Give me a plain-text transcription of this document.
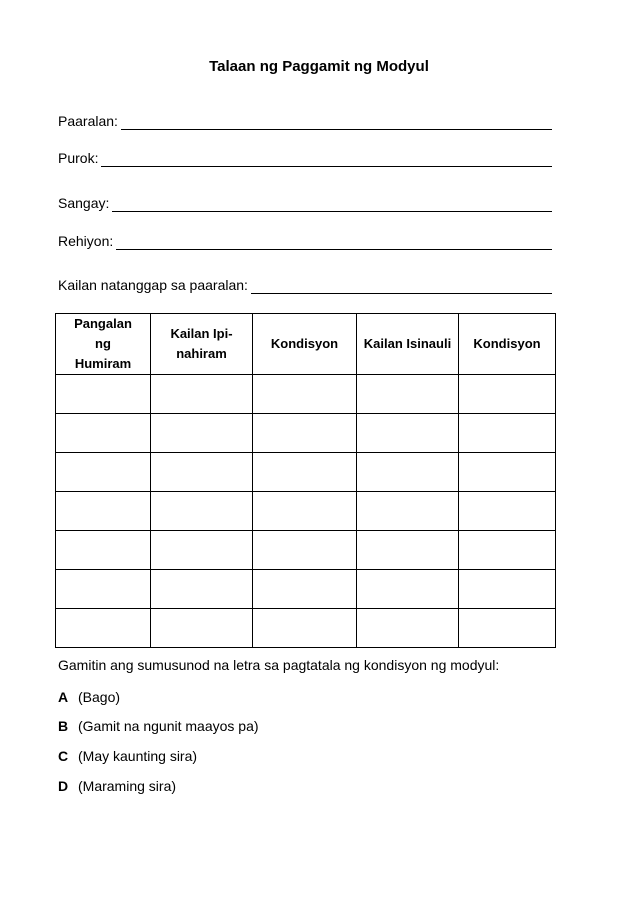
Talaan ng Paggamit ng Modyul
Paaralan:
Purok:
Sangay:
Rehiyon:
Kailan natanggap sa paaralan:
Pangalan ng Humiram	Kailan Ipi-nahiram	Kondisyon	Kailan Isinauli	Kondisyon

Gamitin ang sumusunod na letra sa pagtatala ng kondisyon ng modyul:
A (Bago)
B (Gamit na ngunit maayos pa)
C (May kaunting sira)
D (Maraming sira)
